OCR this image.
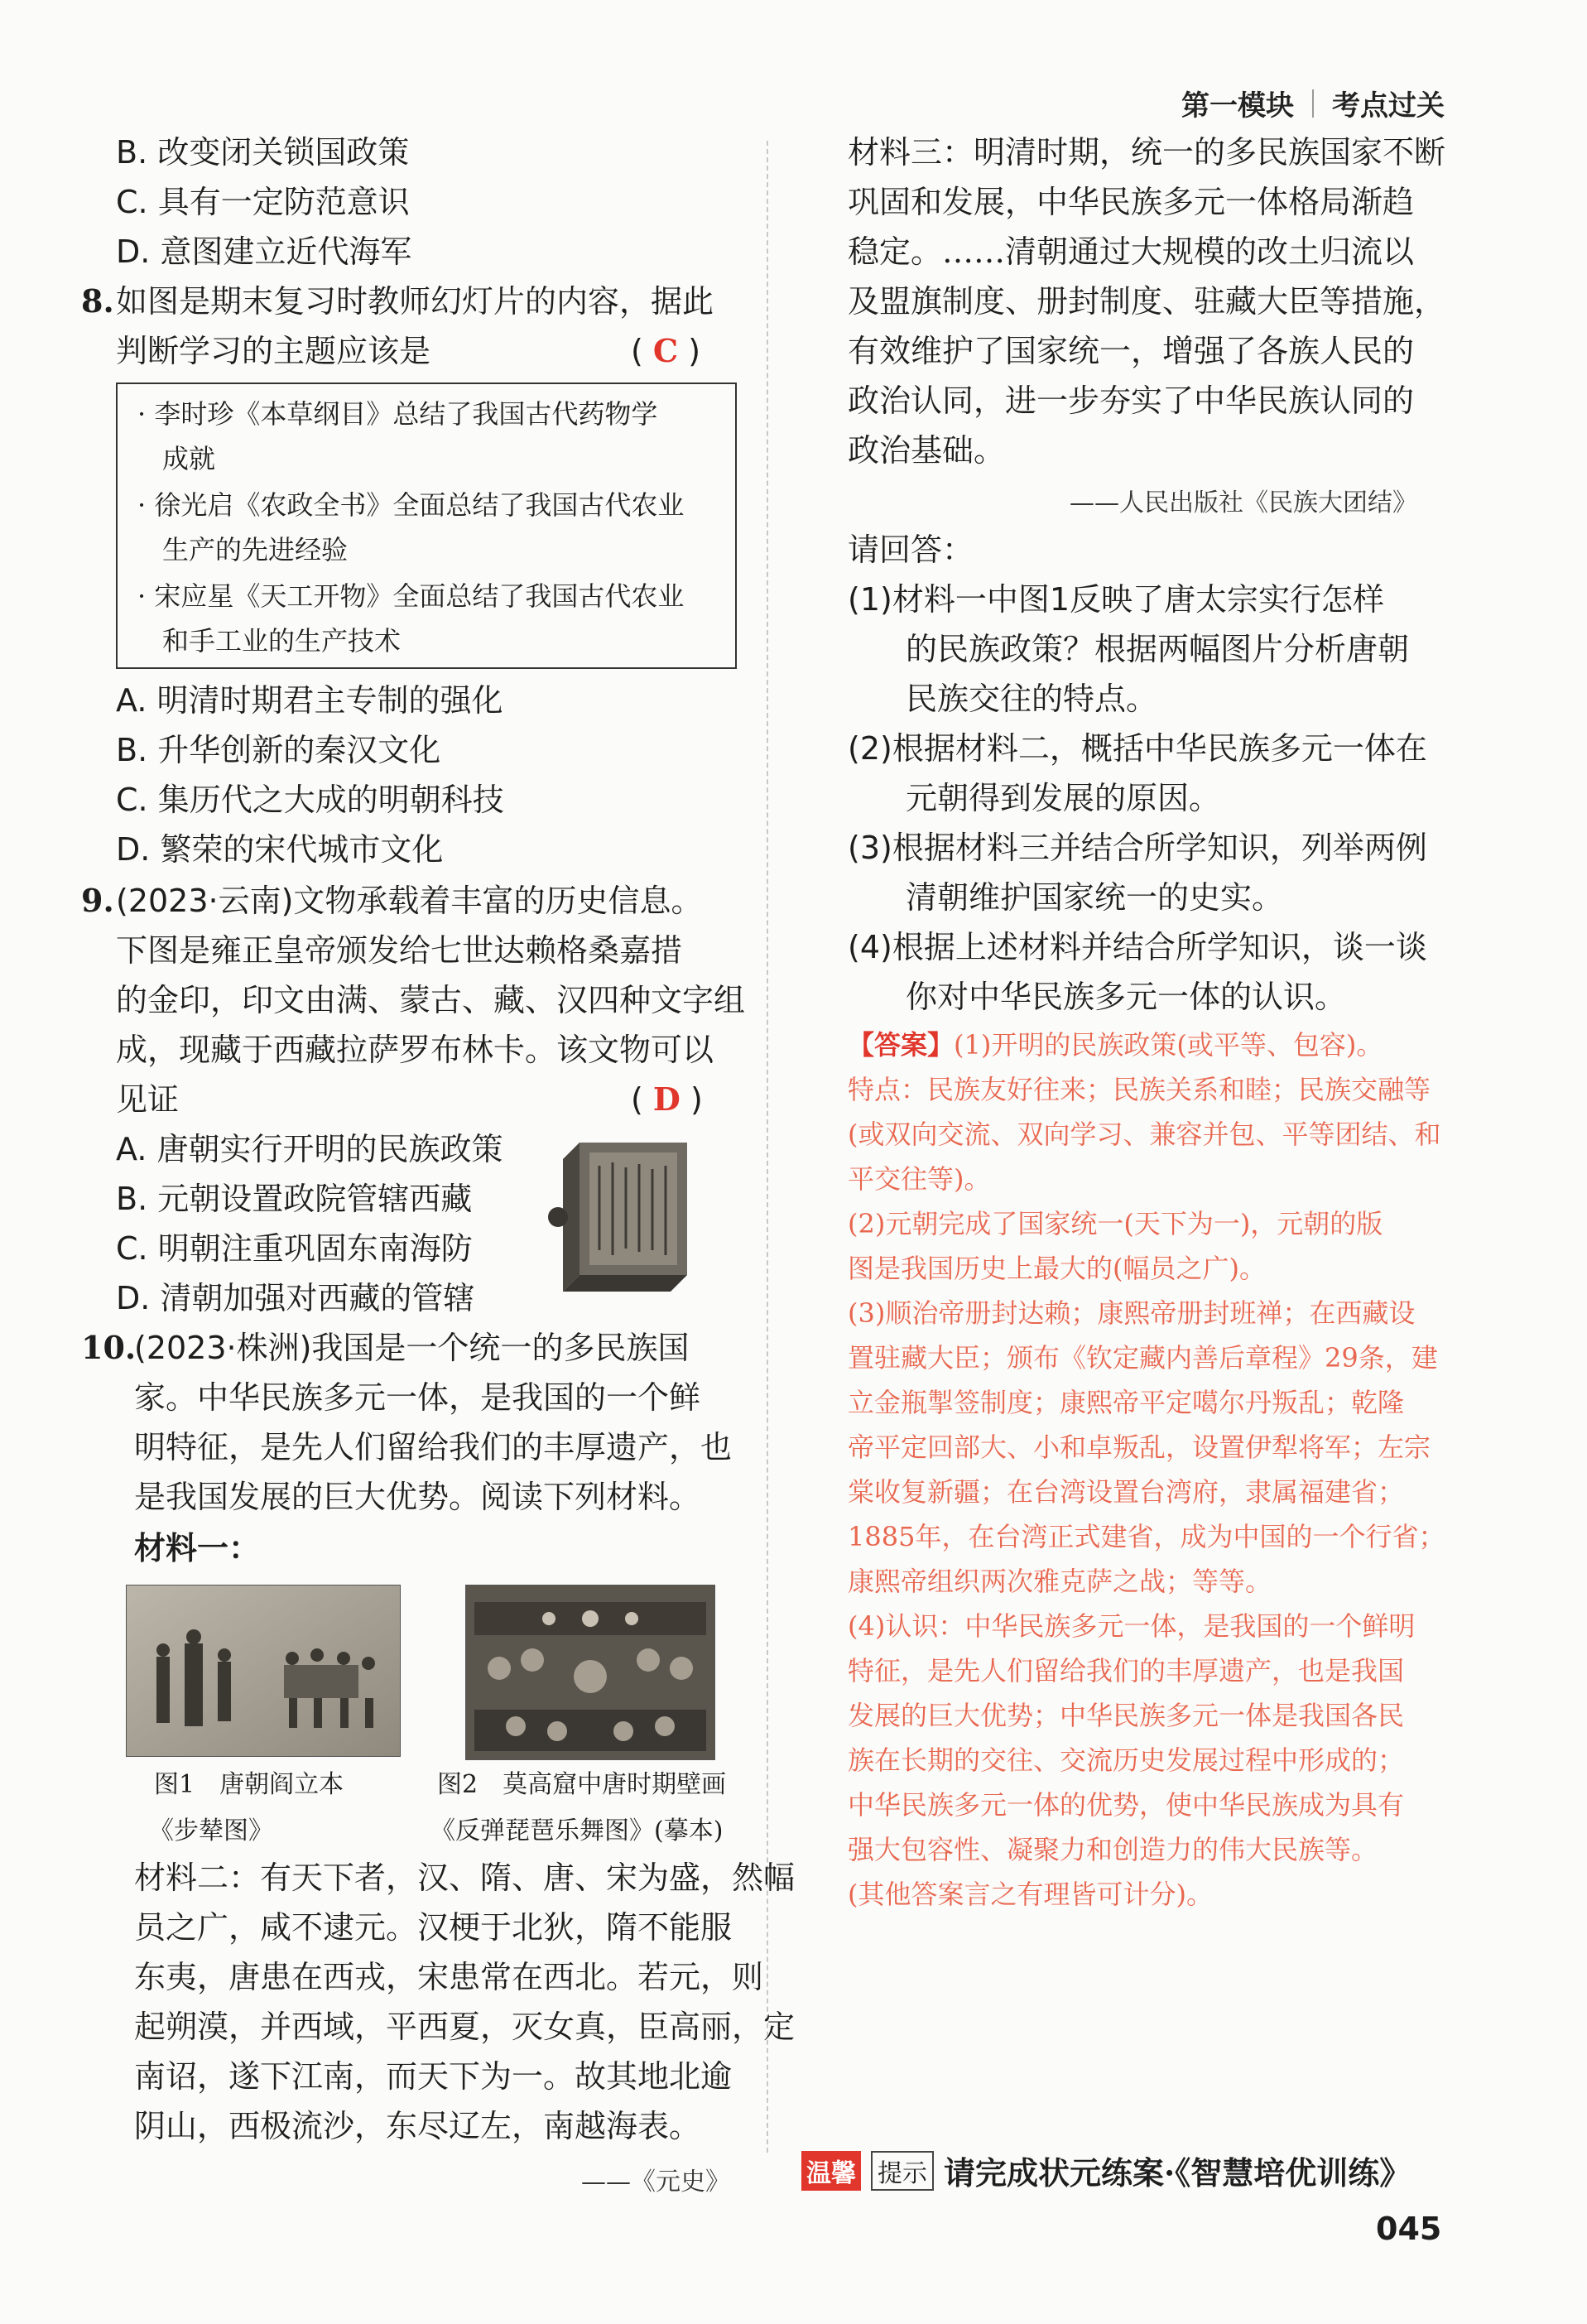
第一模块 考点过关
B. 改变闭关锁国政策
C. 具有一定防范意识
D. 意图建立近代海军
8. 如图是期末复习时教师幻灯片的内容，据此
判断学习的主题应该是	( C )
· 李时珍《本草纲目》总结了我国古代药物学
成就
· 徐光启《农政全书》全面总结了我国古代农业
生产的先进经验
· 宋应星《天工开物》全面总结了我国古代农业
和手工业的生产技术
A. 明清时期君主专制的强化
B. 升华创新的秦汉文化
C. 集历代之大成的明朝科技
D. 繁荣的宋代城市文化
9. (2023·云南)文物承载着丰富的历史信息。
下图是雍正皇帝颁发给七世达赖格桑嘉措
的金印，印文由满、蒙古、藏、汉四种文字组
成，现藏于西藏拉萨罗布林卡。该文物可以
见证	( D )
A. 唐朝实行开明的民族政策
B. 元朝设置政院管辖西藏
C. 明朝注重巩固东南海防
D. 清朝加强对西藏的管辖
10.
(2023·株洲)我国是一个统一的多民族国
家。中华民族多元一体，是我国的一个鲜
明特征，是先人们留给我们的丰厚遗产，也
是我国发展的巨大优势。阅读下列材料。
材料一：
图1　唐朝阎立本
《步辇图》
图2　莫高窟中唐时期壁画
《反弹琵琶乐舞图》(摹本)
材料二：有天下者，汉、隋、唐、宋为盛，然幅
员之广，咸不逮元。汉梗于北狄，隋不能服
东夷，唐患在西戎，宋患常在西北。若元，则
起朔漠，并西域，平西夏，灭女真，臣高丽，定
南诏，遂下江南，而天下为一。故其地北逾
阴山，西极流沙，东尽辽左，南越海表。
——《元史》
材料三：明清时期，统一的多民族国家不断
巩固和发展，中华民族多元一体格局渐趋
稳定。……清朝通过大规模的改土归流以
及盟旗制度、册封制度、驻藏大臣等措施，
有效维护了国家统一，增强了各族人民的
政治认同，进一步夯实了中华民族认同的
政治基础。
——人民出版社《民族大团结》
请回答：
(1)材料一中图1反映了唐太宗实行怎样
的民族政策？根据两幅图片分析唐朝
民族交往的特点。
(2)根据材料二，概括中华民族多元一体在
元朝得到发展的原因。
(3)根据材料三并结合所学知识，列举两例
清朝维护国家统一的史实。
(4)根据上述材料并结合所学知识，谈一谈
你对中华民族多元一体的认识。
【答案】(1)开明的民族政策(或平等、包容)。
特点：民族友好往来；民族关系和睦；民族交融等
(或双向交流、双向学习、兼容并包、平等团结、和
平交往等)。
(2)元朝完成了国家统一(天下为一)，元朝的版
图是我国历史上最大的(幅员之广)。
(3)顺治帝册封达赖；康熙帝册封班禅；在西藏设
置驻藏大臣；颁布《钦定藏内善后章程》29条，建
立金瓶掣签制度；康熙帝平定噶尔丹叛乱；乾隆
帝平定回部大、小和卓叛乱，设置伊犁将军；左宗
棠收复新疆；在台湾设置台湾府，隶属福建省；
1885年，在台湾正式建省，成为中国的一个行省；
康熙帝组织两次雅克萨之战；等等。
(4)认识：中华民族多元一体，是我国的一个鲜明
特征，是先人们留给我们的丰厚遗产，也是我国
发展的巨大优势；中华民族多元一体是我国各民
族在长期的交往、交流历史发展过程中形成的；
中华民族多元一体的优势，使中华民族成为具有
强大包容性、凝聚力和创造力的伟大民族等。
(其他答案言之有理皆可计分)。
温馨 提示 请完成状元练案·《智慧培优训练》
045
